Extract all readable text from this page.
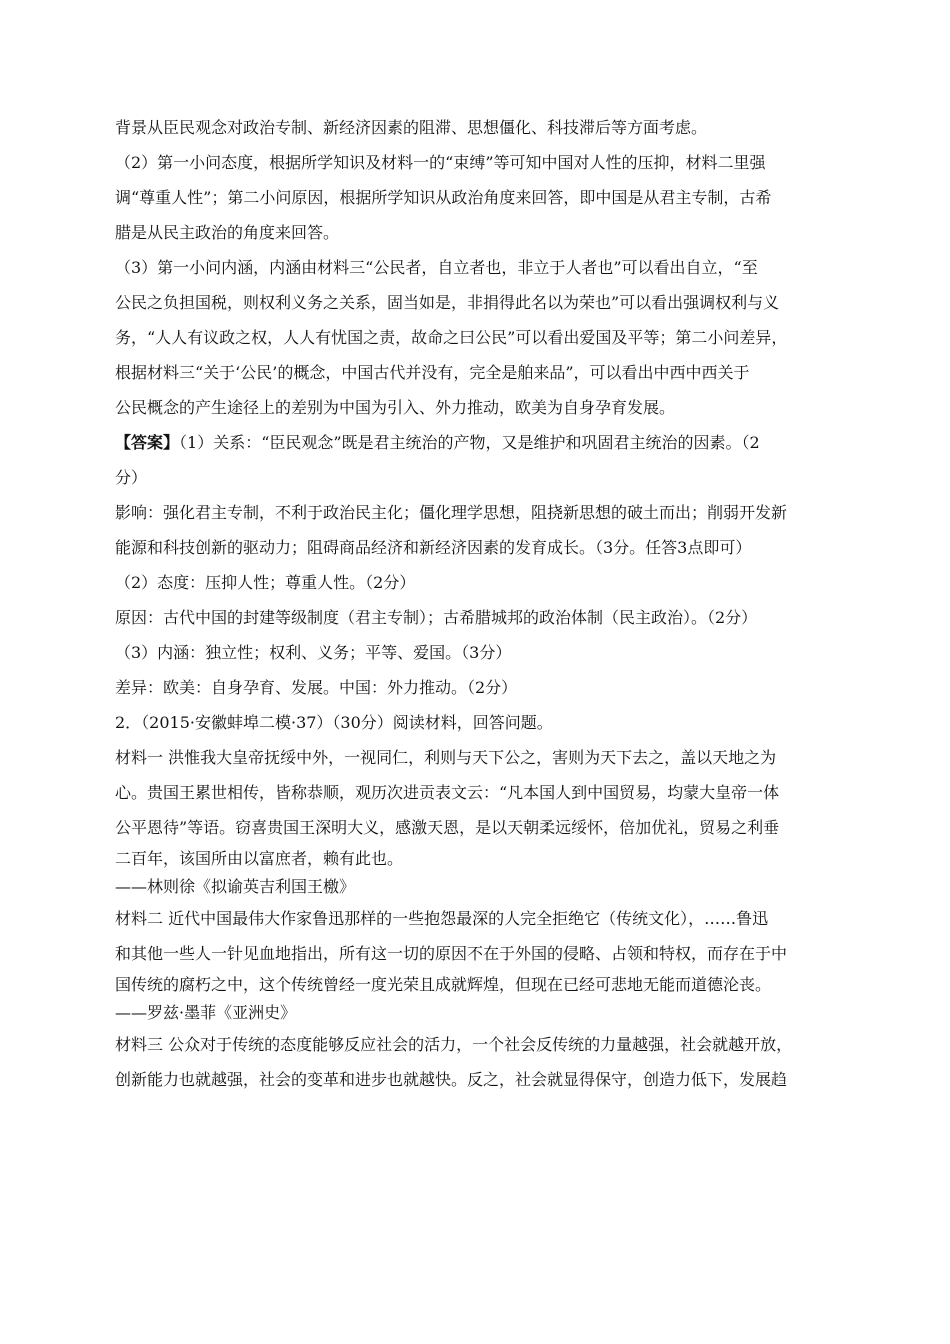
背景从臣民观念对政治专制、新经济因素的阻滞、思想僵化、科技滞后等方面考虑。
（2）第一小问态度，根据所学知识及材料一的“束缚”等可知中国对人性的压抑，材料二里强
调“尊重人性”；第二小问原因，根据所学知识从政治角度来回答，即中国是从君主专制，古希
腊是从民主政治的角度来回答。
（3）第一小问内涵，内涵由材料三“公民者，自立者也，非立于人者也”可以看出自立，“至
公民之负担国税，则权利义务之关系，固当如是，非捐得此名以为荣也”可以看出强调权利与义
务，“人人有议政之权，人人有忧国之责，故命之曰公民”可以看出爱国及平等；第二小问差异，
根据材料三“关于‘公民’的概念，中国古代并没有，完全是舶来品”，可以看出中西中西关于
公民概念的产生途径上的差别为中国为引入、外力推动，欧美为自身孕育发展。
【答案】（1）关系：“臣民观念”既是君主统治的产物，又是维护和巩固君主统治的因素。（2
分）
影响：强化君主专制，不利于政治民主化；僵化理学思想，阻挠新思想的破土而出；削弱开发新
能源和科技创新的驱动力；阻碍商品经济和新经济因素的发育成长。（3分。任答3点即可）
（2）态度：压抑人性；尊重人性。（2分）
原因：古代中国的封建等级制度（君主专制）；古希腊城邦的政治体制（民主政治）。（2分）
（3）内涵：独立性；权利、义务；平等、爱国。（3分）
差异：欧美：自身孕育、发展。中国：外力推动。（2分）
2．（2015·安徽蚌埠二模·37）（30分）阅读材料，回答问题。
材料一 洪惟我大皇帝抚绥中外，一视同仁，利则与天下公之，害则为天下去之，盖以天地之为
心。贵国王累世相传，皆称恭顺，观历次进贡表文云：“凡本国人到中国贸易，均蒙大皇帝一体
公平恩待”等语。窃喜贵国王深明大义，感激天恩，是以天朝柔远绥怀，倍加优礼，贸易之利垂
二百年，该国所由以富庶者，赖有此也。
——林则徐《拟谕英吉利国王檄》
材料二 近代中国最伟大作家鲁迅那样的一些抱怨最深的人完全拒绝它（传统文化），……鲁迅
和其他一些人一针见血地指出，所有这一切的原因不在于外国的侵略、占领和特权，而存在于中
国传统的腐朽之中，这个传统曾经一度光荣且成就辉煌，但现在已经可悲地无能而道德沦丧。
——罗兹·墨菲《亚洲史》
材料三 公众对于传统的态度能够反应社会的活力，一个社会反传统的力量越强，社会就越开放，
创新能力也就越强，社会的变革和进步也就越快。反之，社会就显得保守，创造力低下，发展趋
